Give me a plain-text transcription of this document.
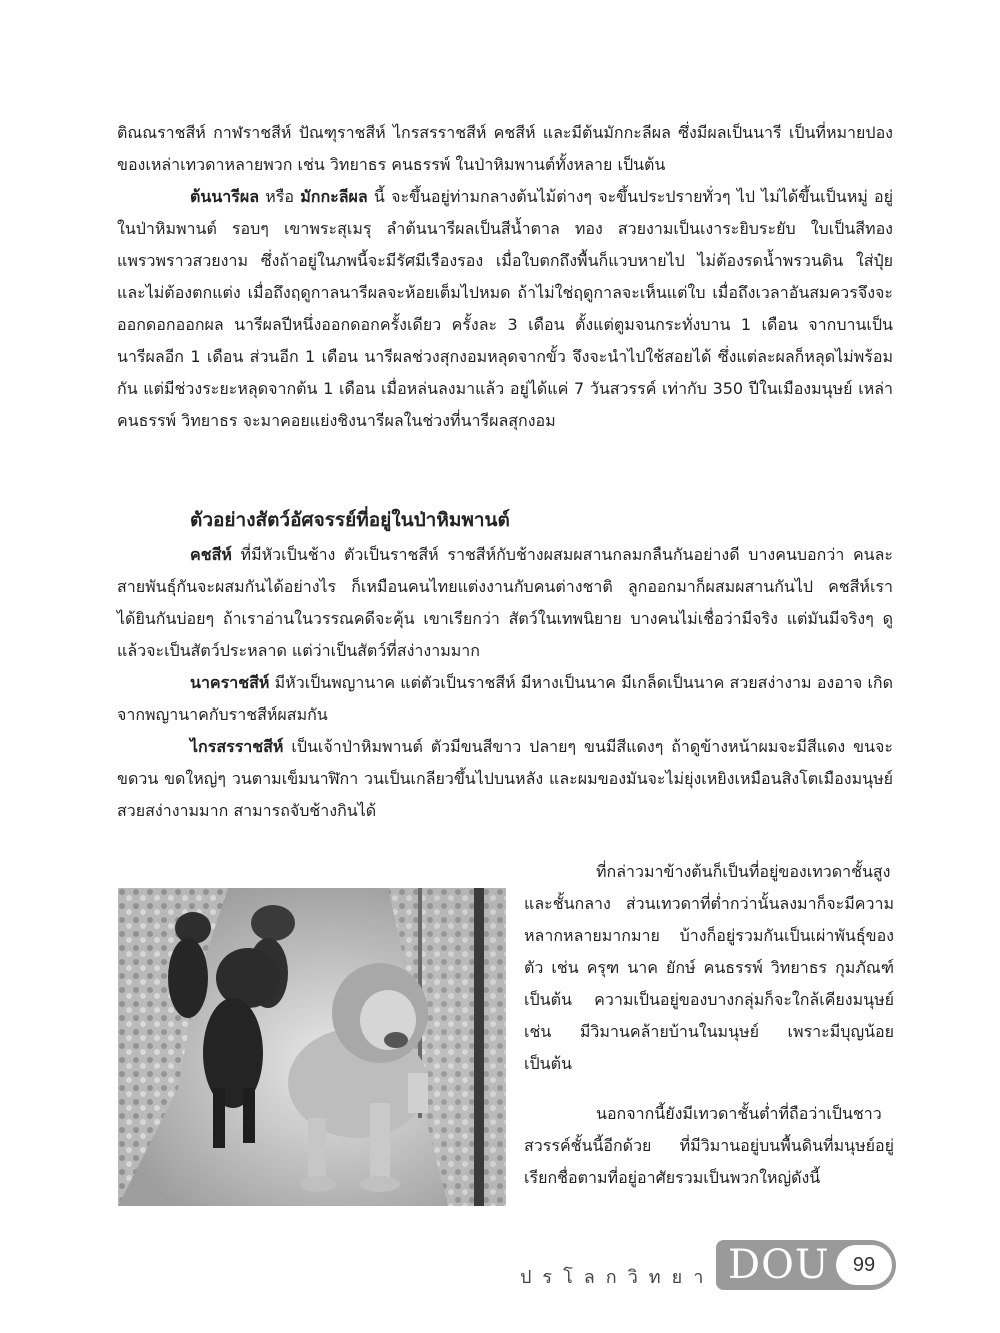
ติณณราชสีห์ กาฬราชสีห์ ปัณฑุราชสีห์ ไกรสรราชสีห์ คชสีห์ และมีต้นมักกะลีผล ซึ่งมีผลเป็นนารี เป็นที่หมายปองของเหล่าเทวดาหลายพวก เช่น วิทยาธร คนธรรพ์ ในป่าหิมพานต์ทั้งหลาย เป็นต้น

ต้นนารีผล หรือ มักกะลีผล นี้ จะขึ้นอยู่ท่ามกลางต้นไม้ต่างๆ จะขึ้นประปรายทั่วๆ ไป ไม่ได้ขึ้นเป็นหมู่ อยู่ในป่าหิมพานต์ รอบๆ เขาพระสุเมรุ ลำต้นนารีผลเป็นสีน้ำตาล ทอง สวยงามเป็นเงาระยิบระยับ ใบเป็นสีทองแพรวพราวสวยงาม ซึ่งถ้าอยู่ในภพนี้จะมีรัศมีเรืองรอง เมื่อใบตกถึงพื้นก็แวบหายไป ไม่ต้องรดน้ำพรวนดิน ใส่ปุ๋ย และไม่ต้องตกแต่ง เมื่อถึงฤดูกาลนารีผลจะห้อยเต็มไปหมด ถ้าไม่ใช่ฤดูกาลจะเห็นแต่ใบ เมื่อถึงเวลาอันสมควรจึงจะออกดอกออกผล นารีผลปีหนึ่งออกดอกครั้งเดียว ครั้งละ 3 เดือน ตั้งแต่ตูมจนกระทั่งบาน 1 เดือน จากบานเป็นนารีผลอีก 1 เดือน ส่วนอีก 1 เดือน นารีผลช่วงสุกงอมหลุดจากขั้ว จึงจะนำไปใช้สอยได้ ซึ่งแต่ละผลก็หลุดไม่พร้อมกัน แต่มีช่วงระยะหลุดจากต้น 1 เดือน เมื่อหล่นลงมาแล้ว อยู่ได้แค่ 7 วันสวรรค์ เท่ากับ 350 ปีในเมืองมนุษย์ เหล่าคนธรรพ์ วิทยาธร จะมาคอยแย่งชิงนารีผลในช่วงที่นารีผลสุกงอม

ตัวอย่างสัตว์อัศจรรย์ที่อยู่ในป่าหิมพานต์

คชสีห์ ที่มีหัวเป็นช้าง ตัวเป็นราชสีห์ ราชสีห์กับช้างผสมผสานกลมกลืนกันอย่างดี บางคนบอกว่า คนละสายพันธุ์กันจะผสมกันได้อย่างไร ก็เหมือนคนไทยแต่งงานกับคนต่างชาติ ลูกออกมาก็ผสมผสานกันไป คชสีห์เราได้ยินกันบ่อยๆ ถ้าเราอ่านในวรรณคดีจะคุ้น เขาเรียกว่า สัตว์ในเทพนิยาย บางคนไม่เชื่อว่ามีจริง แต่มันมีจริงๆ ดูแล้วจะเป็นสัตว์ประหลาด แต่ว่าเป็นสัตว์ที่สง่างามมาก

นาคราชสีห์ มีหัวเป็นพญานาค แต่ตัวเป็นราชสีห์ มีหางเป็นนาค มีเกล็ดเป็นนาค สวยสง่างาม องอาจ เกิดจากพญานาคกับราชสีห์ผสมกัน

ไกรสรราชสีห์ เป็นเจ้าป่าหิมพานต์ ตัวมีขนสีขาว ปลายๆ ขนมีสีแดงๆ ถ้าดูข้างหน้าผมจะมีสีแดง ขนจะขดวน ขดใหญ่ๆ วนตามเข็มนาฬิกา วนเป็นเกลียวขึ้นไปบนหลัง และผมของมันจะไม่ยุ่งเหยิงเหมือนสิงโตเมืองมนุษย์ สวยสง่างามมาก สามารถจับช้างกินได้

ที่กล่าวมาข้างต้นก็เป็นที่อยู่ของเทวดาชั้นสูงและชั้นกลาง ส่วนเทวดาที่ต่ำกว่านั้นลงมาก็จะมีความหลากหลายมากมาย บ้างก็อยู่รวมกันเป็นเผ่าพันธุ์ของตัว เช่น ครุฑ นาค ยักษ์ คนธรรพ์ วิทยาธร กุมภัณฑ์ เป็นต้น ความเป็นอยู่ของบางกลุ่มก็จะใกล้เคียงมนุษย์ เช่น มีวิมานคล้ายบ้านในมนุษย์ เพราะมีบุญน้อย เป็นต้น

นอกจากนี้ยังมีเทวดาชั้นต่ำที่ถือว่าเป็นชาวสวรรค์ชั้นนี้อีกด้วย ที่มีวิมานอยู่บนพื้นดินที่มนุษย์อยู่ เรียกชื่อตามที่อยู่อาศัยรวมเป็นพวกใหญ่ดังนี้

ปรโลกวิทยา DOU	99
